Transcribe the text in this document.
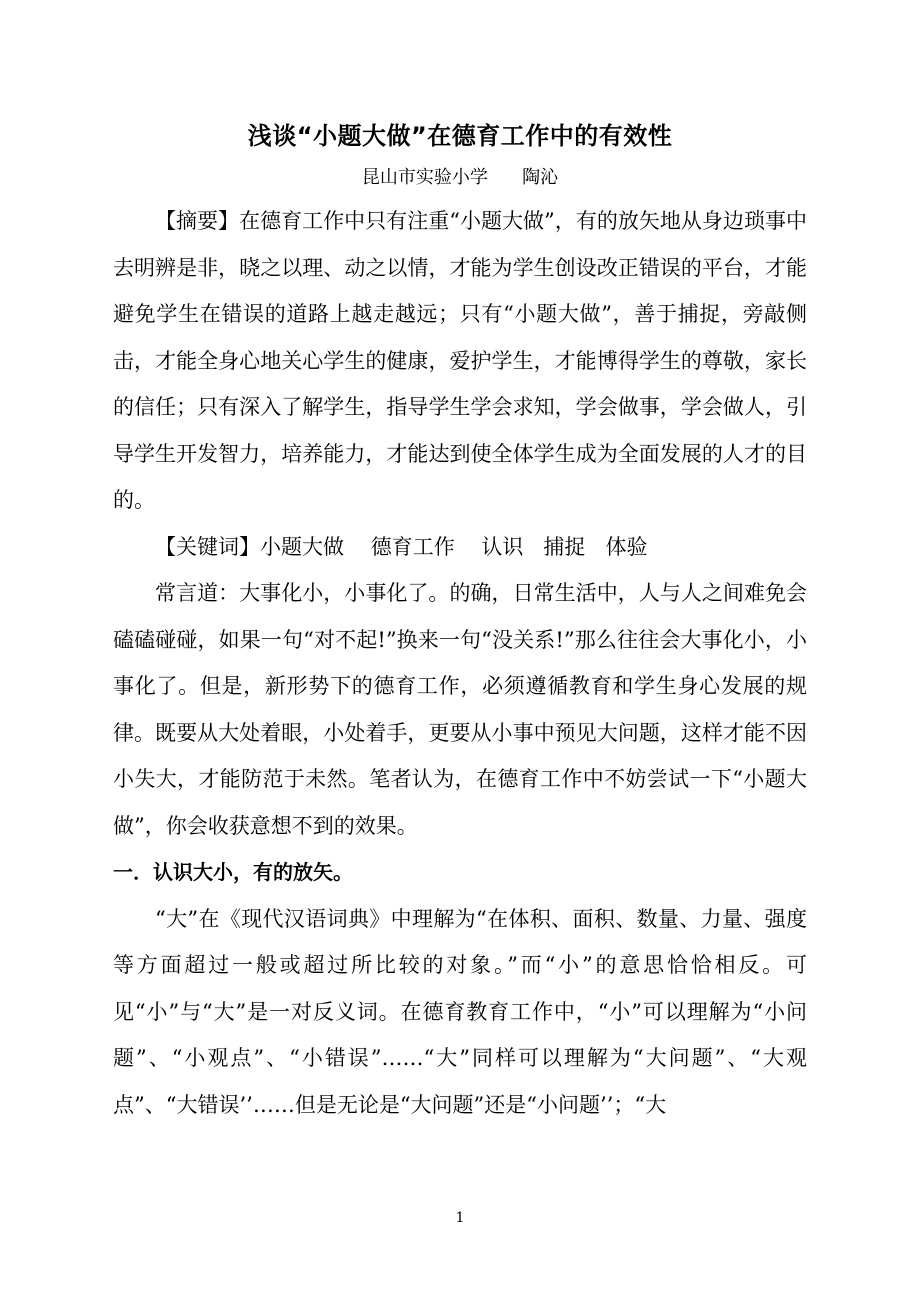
浅谈“小题大做”在德育工作中的有效性
昆山市实验小学      陶沁

【摘要】在德育工作中只有注重“小题大做”，有的放矢地从身边琐事中去明辨是非，晓之以理、动之以情，才能为学生创设改正错误的平台，才能避免学生在错误的道路上越走越远；只有“小题大做”，善于捕捉，旁敲侧击，才能全身心地关心学生的健康，爱护学生，才能博得学生的尊敬，家长的信任；只有深入了解学生，指导学生学会求知，学会做事，学会做人，引导学生开发智力，培养能力，才能达到使全体学生成为全面发展的人才的目的。

【关键词】小题大做    德育工作    认识   捕捉   体验

常言道：大事化小，小事化了。的确，日常生活中，人与人之间难免会磕磕碰碰，如果一句“对不起!”换来一句“没关系!”那么往往会大事化小，小事化了。但是，新形势下的德育工作，必须遵循教育和学生身心发展的规律。既要从大处着眼，小处着手，更要从小事中预见大问题，这样才能不因小失大，才能防范于未然。笔者认为，在德育工作中不妨尝试一下“小题大做”，你会收获意想不到的效果。

一．认识大小，有的放矢。

“大”在《现代汉语词典》中理解为“在体积、面积、数量、力量、强度等方面超过一般或超过所比较的对象。”而“小”的意思恰恰相反。可见“小”与“大”是一对反义词。在德育教育工作中，“小”可以理解为“小问题”、“小观点”、“小错误”……“大”同样可以理解为“大问题”、“大观点”、“大错误’’……但是无论是“大问题”还是“小问题’’；“大

1
